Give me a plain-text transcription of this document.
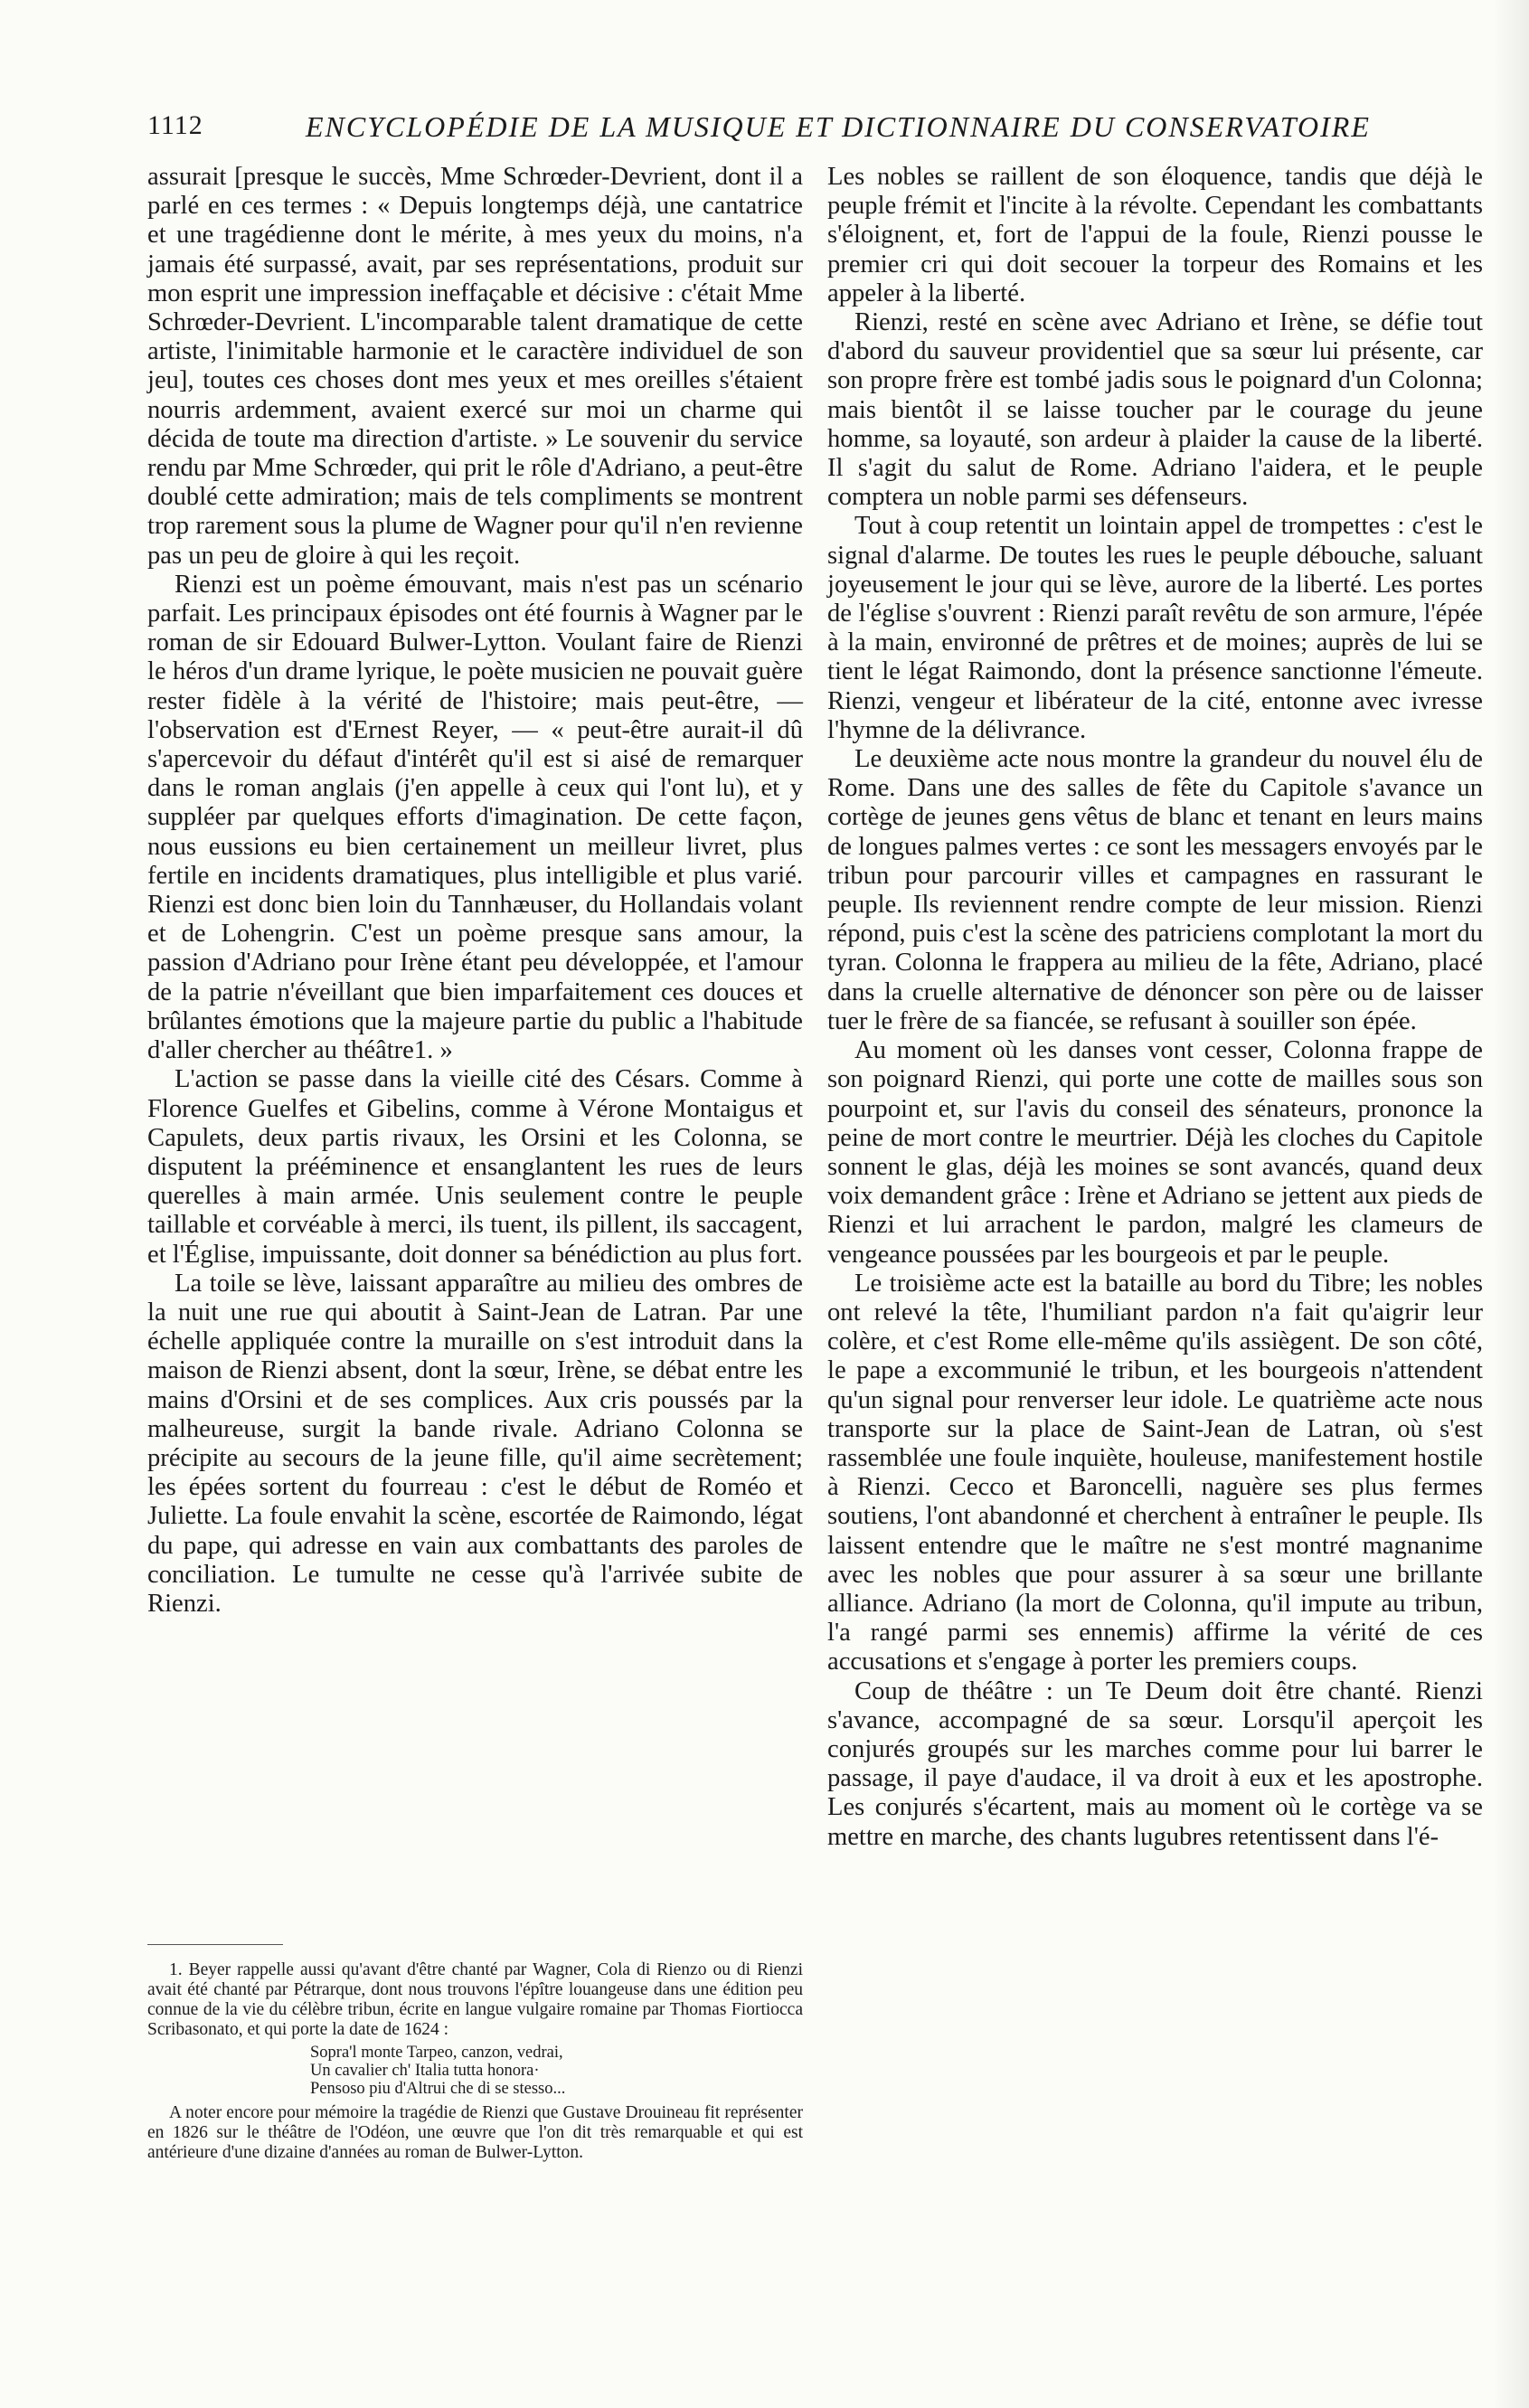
1112	ENCYCLOPÉDIE DE LA MUSIQUE ET DICTIONNAIRE DU CONSERVATOIRE

assurait [presque le succès, Mme Schrœder-Devrient, dont il a parlé en ces termes : « Depuis longtemps déjà, une cantatrice et une tragédienne dont le mérite, à mes yeux du moins, n'a jamais été surpassé, avait, par ses représentations, produit sur mon esprit une impression ineffaçable et décisive : c'était Mme Schrœder-Devrient. L'incomparable talent dramatique de cette artiste, l'inimitable harmonie et le caractère individuel de son jeu], toutes ces choses dont mes yeux et mes oreilles s'étaient nourris ardemment, avaient exercé sur moi un charme qui décida de toute ma direction d'artiste. » Le souvenir du service rendu par Mme Schrœder, qui prit le rôle d'Adriano, a peut-être doublé cette admiration; mais de tels compliments se montrent trop rarement sous la plume de Wagner pour qu'il n'en revienne pas un peu de gloire à qui les reçoit.

Rienzi est un poème émouvant, mais n'est pas un scénario parfait. Les principaux épisodes ont été fournis à Wagner par le roman de sir Edouard Bulwer-Lytton. Voulant faire de Rienzi le héros d'un drame lyrique, le poète musicien ne pouvait guère rester fidèle à la vérité de l'histoire; mais peut-être, — l'observation est d'Ernest Reyer, — « peut-être aurait-il dû s'apercevoir du défaut d'intérêt qu'il est si aisé de remarquer dans le roman anglais (j'en appelle à ceux qui l'ont lu), et y suppléer par quelques efforts d'imagination. De cette façon, nous eussions eu bien certainement un meilleur livret, plus fertile en incidents dramatiques, plus intelligible et plus varié. Rienzi est donc bien loin du Tannhæuser, du Hollandais volant et de Lohengrin. C'est un poème presque sans amour, la passion d'Adriano pour Irène étant peu développée, et l'amour de la patrie n'éveillant que bien imparfaitement ces douces et brûlantes émotions que la majeure partie du public a l'habitude d'aller chercher au théâtre1. »

L'action se passe dans la vieille cité des Césars. Comme à Florence Guelfes et Gibelins, comme à Vérone Montaigus et Capulets, deux partis rivaux, les Orsini et les Colonna, se disputent la prééminence et ensanglantent les rues de leurs querelles à main armée. Unis seulement contre le peuple taillable et corvéable à merci, ils tuent, ils pillent, ils saccagent, et l'Église, impuissante, doit donner sa bénédiction au plus fort.

La toile se lève, laissant apparaître au milieu des ombres de la nuit une rue qui aboutit à Saint-Jean de Latran. Par une échelle appliquée contre la muraille on s'est introduit dans la maison de Rienzi absent, dont la sœur, Irène, se débat entre les mains d'Orsini et de ses complices. Aux cris poussés par la malheureuse, surgit la bande rivale. Adriano Colonna se précipite au secours de la jeune fille, qu'il aime secrètement; les épées sortent du fourreau : c'est le début de Roméo et Juliette. La foule envahit la scène, escortée de Raimondo, légat du pape, qui adresse en vain aux combattants des paroles de conciliation. Le tumulte ne cesse qu'à l'arrivée subite de Rienzi.

1. Beyer rappelle aussi qu'avant d'être chanté par Wagner, Cola di Rienzo ou di Rienzi avait été chanté par Pétrarque, dont nous trouvons l'épître louangeuse dans une édition peu connue de la vie du célèbre tribun, écrite en langue vulgaire romaine par Thomas Fiortiocca Scribasonato, et qui porte la date de 1624 :

Sopra'l monte Tarpeo, canzon, vedrai,
Un cavalier ch' Italia tutta honora·
Pensoso piu d'Altrui che di se stesso...

A noter encore pour mémoire la tragédie de Rienzi que Gustave Drouineau fit représenter en 1826 sur le théâtre de l'Odéon, une œuvre que l'on dit très remarquable et qui est antérieure d'une dizaine d'années au roman de Bulwer-Lytton.

Les nobles se raillent de son éloquence, tandis que déjà le peuple frémit et l'incite à la révolte. Cependant les combattants s'éloignent, et, fort de l'appui de la foule, Rienzi pousse le premier cri qui doit secouer la torpeur des Romains et les appeler à la liberté.

Rienzi, resté en scène avec Adriano et Irène, se défie tout d'abord du sauveur providentiel que sa sœur lui présente, car son propre frère est tombé jadis sous le poignard d'un Colonna; mais bientôt il se laisse toucher par le courage du jeune homme, sa loyauté, son ardeur à plaider la cause de la liberté. Il s'agit du salut de Rome. Adriano l'aidera, et le peuple comptera un noble parmi ses défenseurs.

Tout à coup retentit un lointain appel de trompettes : c'est le signal d'alarme. De toutes les rues le peuple débouche, saluant joyeusement le jour qui se lève, aurore de la liberté. Les portes de l'église s'ouvrent : Rienzi paraît revêtu de son armure, l'épée à la main, environné de prêtres et de moines; auprès de lui se tient le légat Raimondo, dont la présence sanctionne l'émeute. Rienzi, vengeur et libérateur de la cité, entonne avec ivresse l'hymne de la délivrance.

Le deuxième acte nous montre la grandeur du nouvel élu de Rome. Dans une des salles de fête du Capitole s'avance un cortège de jeunes gens vêtus de blanc et tenant en leurs mains de longues palmes vertes : ce sont les messagers envoyés par le tribun pour parcourir villes et campagnes en rassurant le peuple. Ils reviennent rendre compte de leur mission. Rienzi répond, puis c'est la scène des patriciens complotant la mort du tyran. Colonna le frappera au milieu de la fête, Adriano, placé dans la cruelle alternative de dénoncer son père ou de laisser tuer le frère de sa fiancée, se refusant à souiller son épée.

Au moment où les danses vont cesser, Colonna frappe de son poignard Rienzi, qui porte une cotte de mailles sous son pourpoint et, sur l'avis du conseil des sénateurs, prononce la peine de mort contre le meurtrier. Déjà les cloches du Capitole sonnent le glas, déjà les moines se sont avancés, quand deux voix demandent grâce : Irène et Adriano se jettent aux pieds de Rienzi et lui arrachent le pardon, malgré les clameurs de vengeance poussées par les bourgeois et par le peuple.

Le troisième acte est la bataille au bord du Tibre; les nobles ont relevé la tête, l'humiliant pardon n'a fait qu'aigrir leur colère, et c'est Rome elle-même qu'ils assiègent. De son côté, le pape a excommunié le tribun, et les bourgeois n'attendent qu'un signal pour renverser leur idole. Le quatrième acte nous transporte sur la place de Saint-Jean de Latran, où s'est rassemblée une foule inquiète, houleuse, manifestement hostile à Rienzi. Cecco et Baroncelli, naguère ses plus fermes soutiens, l'ont abandonné et cherchent à entraîner le peuple. Ils laissent entendre que le maître ne s'est montré magnanime avec les nobles que pour assurer à sa sœur une brillante alliance. Adriano (la mort de Colonna, qu'il impute au tribun, l'a rangé parmi ses ennemis) affirme la vérité de ces accusations et s'engage à porter les premiers coups.

Coup de théâtre : un Te Deum doit être chanté. Rienzi s'avance, accompagné de sa sœur. Lorsqu'il aperçoit les conjurés groupés sur les marches comme pour lui barrer le passage, il paye d'audace, il va droit à eux et les apostrophe. Les conjurés s'écartent, mais au moment où le cortège va se mettre en marche, des chants lugubres retentissent dans l'é-
